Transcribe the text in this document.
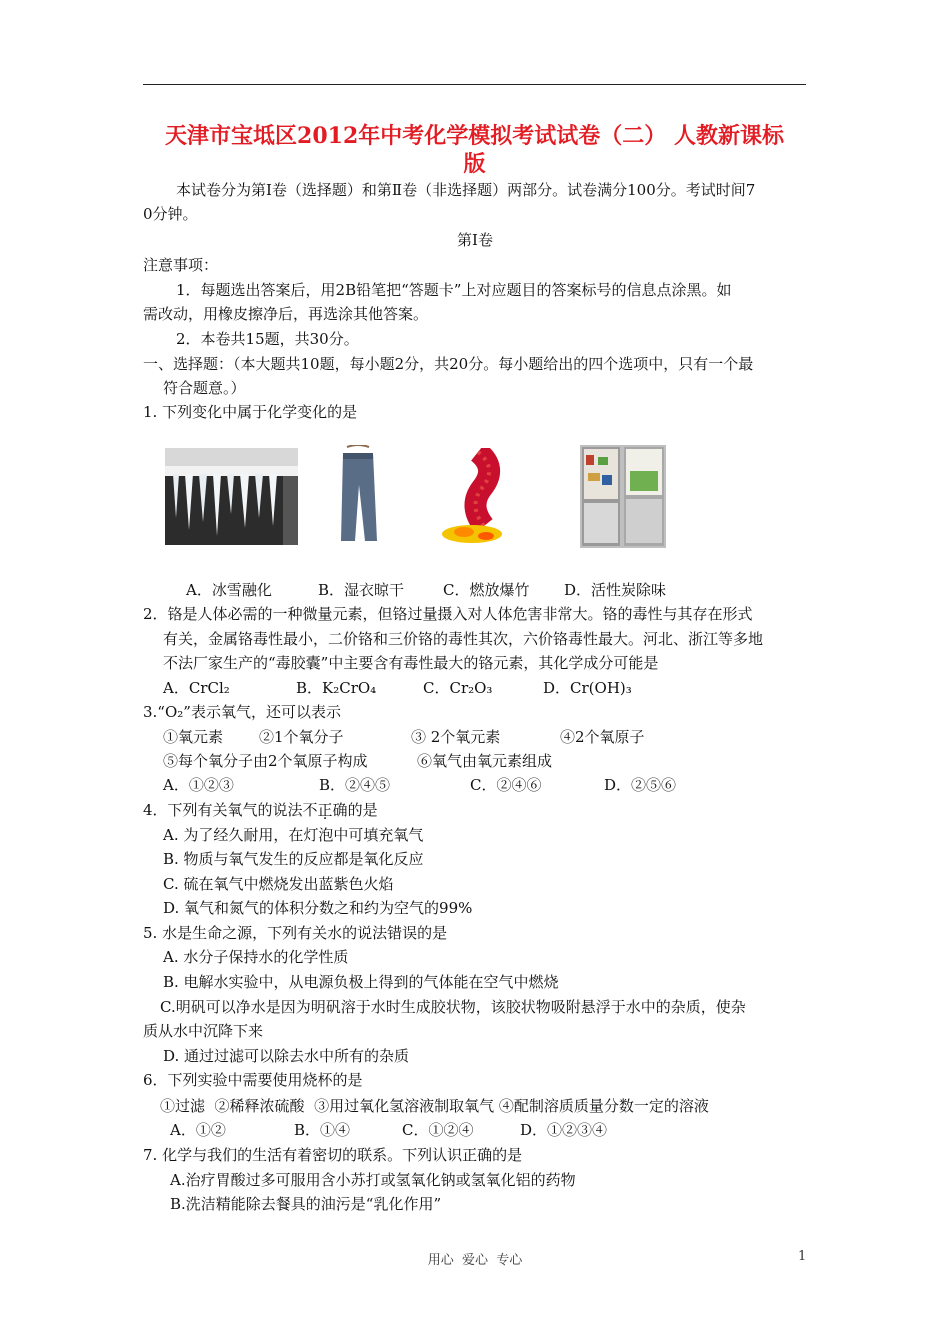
天津市宝坻区2012年中考化学模拟考试试卷（二） 人教新课标
版
本试卷分为第Ⅰ卷（选择题）和第Ⅱ卷（非选择题）两部分。试卷满分100分。考试时间7
0分钟。
第Ⅰ卷
注意事项：
1．每题选出答案后，用2B铅笔把“答题卡”上对应题目的答案标号的信息点涂黑。如
需改动，用橡皮擦净后，再选涂其他答案。
2．本卷共15题，共30分。
一、选择题：（本大题共10题，每小题2分，共20分。每小题给出的四个选项中，只有一个最
符合题意。）
1. 下列变化中属于化学变化的是
A．冰雪融化	B．湿衣晾干	C．燃放爆竹 D．活性炭除味
2．铬是人体必需的一种微量元素，但铬过量摄入对人体危害非常大。铬的毒性与其存在形式
有关，金属铬毒性最小，二价铬和三价铬的毒性其次，六价铬毒性最大。河北、浙江等多地
不法厂家生产的“毒胶囊”中主要含有毒性最大的铬元素，其化学成分可能是
A．CrCl₂	B．K₂CrO₄	C．Cr₂O₃	D．Cr(OH)₃
3.“O₂”表示氧气，还可以表示
①氧元素 ②1个氧分子	③ 2个氧元素	④2个氧原子
⑤每个氧分子由2个氧原子构成	⑥氧气由氧元素组成
A．①②③	B．②④⑤	C．②④⑥	D．②⑤⑥
4．下列有关氧气的说法不正确的是
A. 为了经久耐用，在灯泡中可填充氧气
B. 物质与氧气发生的反应都是氧化反应
C. 硫在氧气中燃烧发出蓝紫色火焰
D. 氧气和氮气的体积分数之和约为空气的99%
5. 水是生命之源，下列有关水的说法错误的是
A. 水分子保持水的化学性质
B. 电解水实验中，从电源负极上得到的气体能在空气中燃烧
C.明矾可以净水是因为明矾溶于水时生成胶状物，该胶状物吸附悬浮于水中的杂质，使杂
质从水中沉降下来
D. 通过过滤可以除去水中所有的杂质
6．下列实验中需要使用烧杯的是
①过滤  ②稀释浓硫酸  ③用过氧化氢溶液制取氧气 ④配制溶质质量分数一定的溶液
A．①②	B．①④	C．①②④	D．①②③④
7. 化学与我们的生活有着密切的联系。下列认识正确的是
A.治疗胃酸过多可服用含小苏打或氢氧化钠或氢氧化铝的药物
B.洗洁精能除去餐具的油污是“乳化作用”
用心  爱心  专心	1
